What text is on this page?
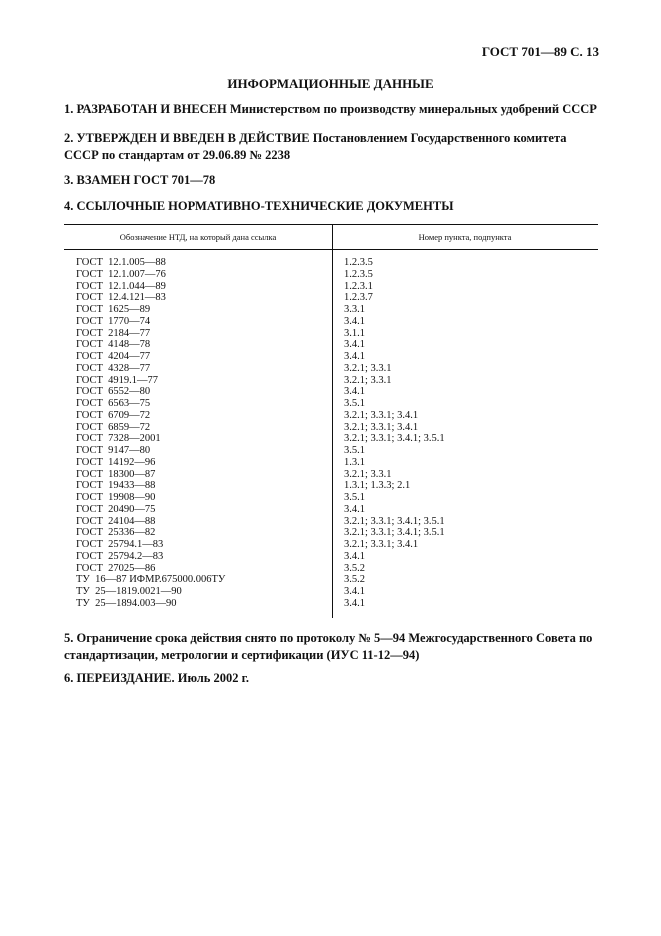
ГОСТ 701—89 С. 13
ИНФОРМАЦИОННЫЕ ДАННЫЕ
1. РАЗРАБОТАН И ВНЕСЕН Министерством по производству минеральных удобрений СССР
2. УТВЕРЖДЕН И ВВЕДЕН В ДЕЙСТВИЕ Постановлением Государственного комитета СССР по стандартам от 29.06.89 № 2238
3. ВЗАМЕН ГОСТ 701—78
4. ССЫЛОЧНЫЕ НОРМАТИВНО-ТЕХНИЧЕСКИЕ ДОКУМЕНТЫ
Обозначение НТД, на который дана ссылка	Номер пункта, подпункта
ГОСТ  12.1.005—88	1.2.3.5
ГОСТ  12.1.007—76	1.2.3.5
ГОСТ  12.1.044—89	1.2.3.1
ГОСТ  12.4.121—83	1.2.3.7
ГОСТ  1625—89	3.3.1
ГОСТ  1770—74	3.4.1
ГОСТ  2184—77	3.1.1
ГОСТ  4148—78	3.4.1
ГОСТ  4204—77	3.4.1
ГОСТ  4328—77	3.2.1; 3.3.1
ГОСТ  4919.1—77	3.2.1; 3.3.1
ГОСТ  6552—80	3.4.1
ГОСТ  6563—75	3.5.1
ГОСТ  6709—72	3.2.1; 3.3.1; 3.4.1
ГОСТ  6859—72	3.2.1; 3.3.1; 3.4.1
ГОСТ  7328—2001	3.2.1; 3.3.1; 3.4.1; 3.5.1
ГОСТ  9147—80	3.5.1
ГОСТ  14192—96	1.3.1
ГОСТ  18300—87	3.2.1; 3.3.1
ГОСТ  19433—88	1.3.1; 1.3.3; 2.1
ГОСТ  19908—90	3.5.1
ГОСТ  20490—75	3.4.1
ГОСТ  24104—88	3.2.1; 3.3.1; 3.4.1; 3.5.1
ГОСТ  25336—82	3.2.1; 3.3.1; 3.4.1; 3.5.1
ГОСТ  25794.1—83	3.2.1; 3.3.1; 3.4.1
ГОСТ  25794.2—83	3.4.1
ГОСТ  27025—86	3.5.2
ТУ  16—87 ИФМР.675000.006ТУ	3.5.2
ТУ  25—1819.0021—90	3.4.1
ТУ  25—1894.003—90	3.4.1
5. Ограничение срока действия снято по протоколу № 5—94 Межгосударственного Совета по стандартизации, метрологии и сертификации (ИУС 11-12—94)
6. ПЕРЕИЗДАНИЕ. Июль 2002 г.
